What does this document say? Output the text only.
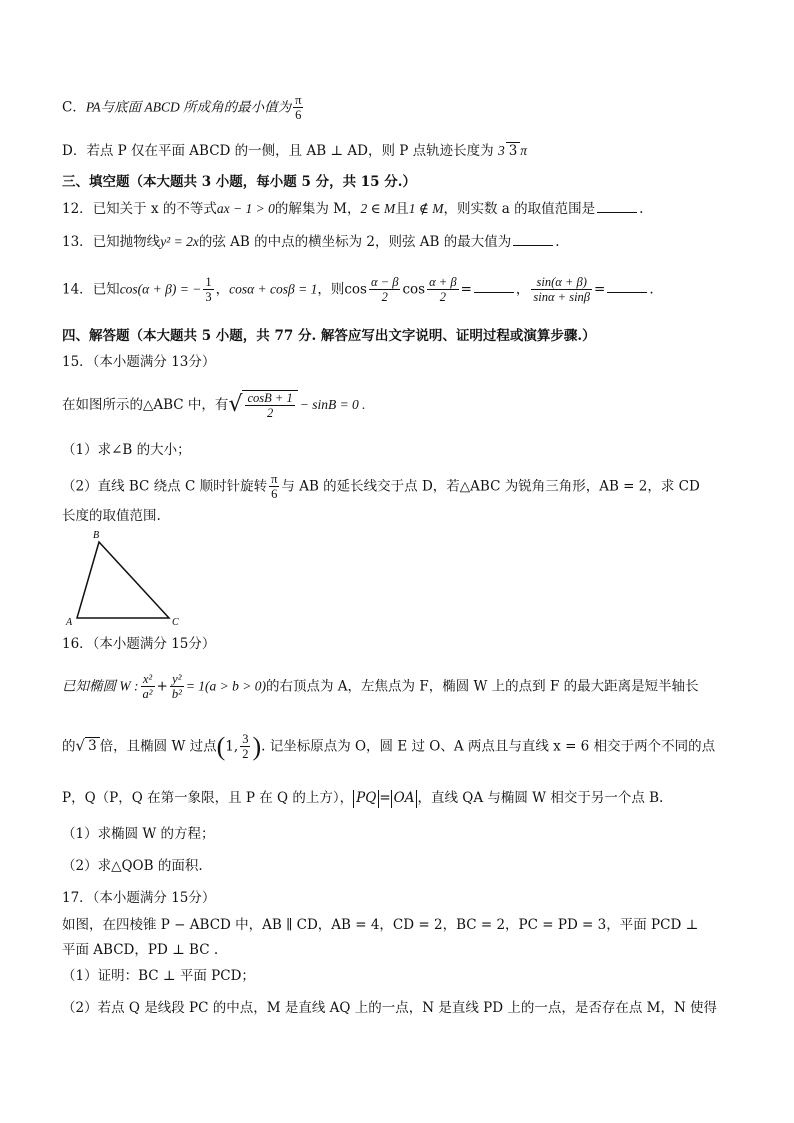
C．PA与底面 ABCD 所成角的最小值为 $\frac{\pi}{6}$
D．若点 P 仅在平面 ABCD 的一侧，且 AB ⊥ AD，则 P 点轨迹长度为 3 3 π
三、填空题（本大题共 3 小题，每小题 5 分，共 15 分.）
12．已知关于 x 的不等式ax − 1 > 0的解集为 M，2 ∈ M且1 ∉ M，则实数 a 的取值范围是	.
13．已知抛物线y² = 2x的弦 AB 的中点的横坐标为 2，则弦 AB 的最大值为	.
14．已知cos(α + β) = − $\frac{1}{3}$ ，cosα + cosβ = 1，则$\cos \frac{\alpha - \beta}{2}$ $\cos \frac{\alpha + \beta}{2}$ =	， $\frac{\sin(\alpha + \beta)}{\sin\alpha + \sin\beta}$ =	.
四、解答题（本大题共 5 小题，共 77 分. 解答应写出文字说明、证明过程或演算步骤.）
15．（本小题满分 13分）
在如图所示的△ABC 中，有√ $\frac{\cos B + 1}{2} - \sin B = 0$ .
（1）求∠B 的大小；
（2）直线 BC 绕点 C 顺时针旋转 $\frac{\pi}{6}$ 与 AB 的延长线交于点 D，若△ABC 为锐角三角形，AB = 2，求 CD
长度的取值范围.
B
A	C
16．（本小题满分 15分）
已知椭圆 W : $\frac{\text{x²}}{\text{a²}} + \frac{\text{y²}}{\text{b²}} = 1(a > b > 0)$的右顶点为 A，左焦点为 F，椭圆 W 上的点到 F 的最大距离是短半轴长
的√ 3 倍，且椭圆 W 过点(1, $\frac{3}{2}$ ). 记坐标原点为 O，圆 E 过 O、A 两点且与直线 x = 6 相交于两个不同的点
P，Q（P，Q 在第一象限，且 P 在 Q 的上方）， PQ = OA ，直线 QA 与椭圆 W 相交于另一个点 B.
（1）求椭圆 W 的方程；
（2）求△QOB 的面积.
17．（本小题满分 15分）
如图，在四棱锥 P − ABCD 中，AB ∥ CD，AB = 4，CD = 2，BC = 2，PC = PD = 3，平面 PCD ⊥
平面 ABCD，PD ⊥ BC .
（1）证明：BC ⊥ 平面 PCD；
（2）若点 Q 是线段 PC 的中点，M 是直线 AQ 上的一点，N 是直线 PD 上的一点，是否存在点 M，N 使得
